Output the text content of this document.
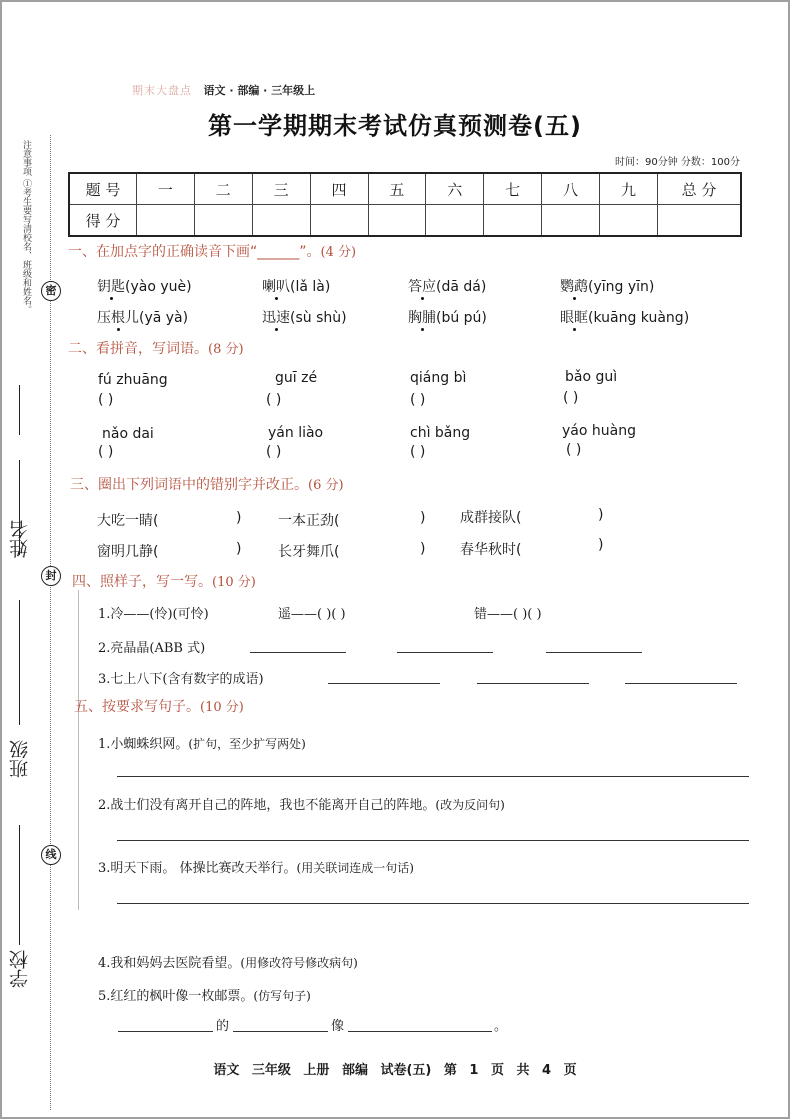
注意事项 ①考生要写清校名、班级和姓名。	密
封
线
姓名
班级
学校
期末大盘点 语文 · 部编 · 三年级上
第一学期期末考试仿真预测卷(五)
时间：90分钟 分数：100分
题 号	一	二	三	四	五	六	七	八	九	总 分
得 分										
一、在加点字的正确读音下画“______”。(4 分)
钥匙(yào yuè)	喇叭(lǎ là)	答应(dā dá)	鹦鹉(yīng yīn)
压根儿(yā yà)	迅速(sù shù)	胸脯(bú pú)	眼眶(kuāng kuàng)
二、看拼音，写词语。(8 分)
fú zhuāng	guī zé	qiáng bì	bǎo guì
( )	( )	( )	( )
nǎo dai	yán liào	chì bǎng	yáo huàng
( )	( )	( )	( )
三、圈出下列词语中的错别字并改正。(6 分)
大吃一睛(	)	一本正劲(	) 成群接队(	)
窗明几静(	)	长牙舞爪(	) 春华秋时(	)
四、照样子，写一写。(10 分)
1.冷——(怜)(可怜)	遥——( )( )	错——( )( )
2.亮晶晶(ABB 式)
3.七上八下(含有数字的成语)
五、按要求写句子。(10 分)
1.小蜘蛛织网。(扩句，至少扩写两处)
2.战士们没有离开自己的阵地，我也不能离开自己的阵地。(改为反问句)
3.明天下雨。 体操比赛改天举行。(用关联词连成一句话)
4.我和妈妈去医院看望。(用修改符号修改病句)
5.红红的枫叶像一枚邮票。(仿写句子)
的	像	。
语文 三年级 上册 部编 试卷(五) 第 1 页 共 4 页
